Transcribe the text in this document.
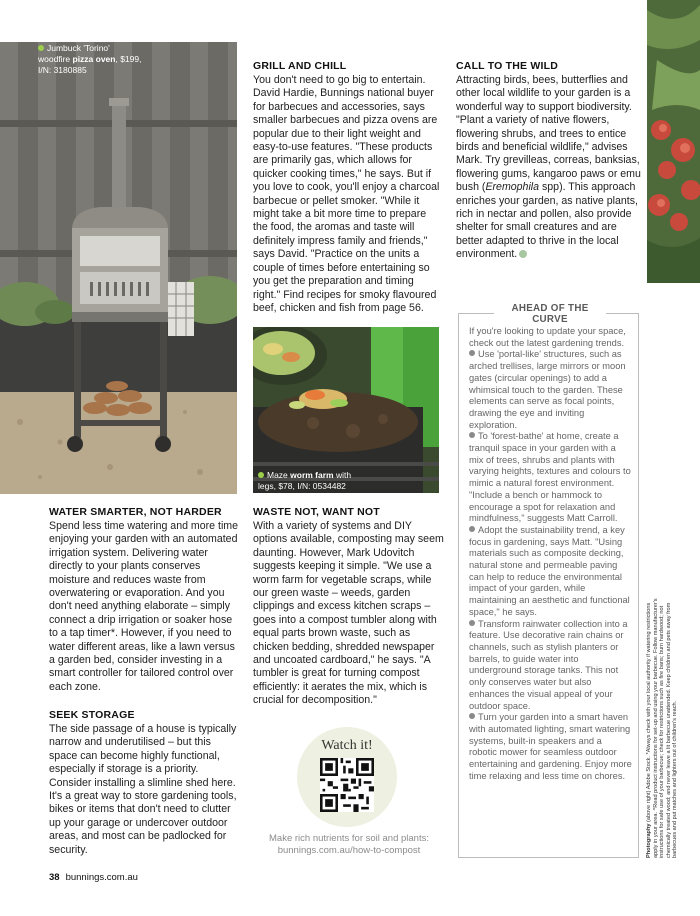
Jumbuck 'Torino' woodfire pizza oven, $199, I/N: 3180885
Maze worm farm with legs, $78, I/N: 0534482
GRILL AND CHILL
You don't need to go big to entertain. David Hardie, Bunnings national buyer for barbecues and accessories, says smaller barbecues and pizza ovens are popular due to their light weight and easy-to-use features. "These products are primarily gas, which allows for quicker cooking times," he says. But if you love to cook, you'll enjoy a charcoal barbecue or pellet smoker. "While it might take a bit more time to prepare the food, the aromas and taste will definitely impress family and friends," says David. "Practice on the units a couple of times before entertaining so you get the preparation and timing right." Find recipes for smoky flavoured beef, chicken and fish from page 56.
CALL TO THE WILD
Attracting birds, bees, butterflies and other local wildlife to your garden is a wonderful way to support biodiversity. "Plant a variety of native flowers, flowering shrubs, and trees to entice birds and beneficial wildlife," advises Mark. Try grevilleas, correas, banksias, flowering gums, kangaroo paws or emu bush (Eremophila spp). This approach enriches your garden, as native plants, rich in nectar and pollen, also provide shelter for small creatures and are better adapted to thrive in the local environment.
WATER SMARTER, NOT HARDER
Spend less time watering and more time enjoying your garden with an automated irrigation system. Delivering water directly to your plants conserves moisture and reduces waste from overwatering or evaporation. And you don't need anything elaborate – simply connect a drip irrigation or soaker hose to a tap timer*. However, if you need to water different areas, like a lawn versus a garden bed, consider investing in a smart controller for tailored control over each zone.
SEEK STORAGE
The side passage of a house is typically narrow and underutilised – but this space can become highly functional, especially if storage is a priority. Consider installing a slimline shed here. It's a great way to store gardening tools, bikes or items that don't need to clutter up your garage or undercover outdoor areas, and most can be padlocked for security.
WASTE NOT, WANT NOT
With a variety of systems and DIY options available, composting may seem daunting. However, Mark Udovitch suggests keeping it simple. "We use a worm farm for vegetable scraps, while our green waste – weeds, garden clippings and excess kitchen scraps – goes into a compost tumbler along with equal parts brown waste, such as chicken bedding, shredded newspaper and uncoated cardboard," he says. "A tumbler is great for turning compost efficiently: it aerates the mix, which is crucial for decomposition."
Watch it!
Make rich nutrients for soil and plants: bunnings.com.au/how-to-compost
AHEAD OF THE CURVE

If you're looking to update your space, check out the latest gardening trends.

Use 'portal-like' structures, such as arched trellises, large mirrors or moon gates (circular openings) to add a whimsical touch to the garden. These elements can serve as focal points, drawing the eye and inviting exploration.

To 'forest-bathe' at home, create a tranquil space in your garden with a mix of trees, shrubs and plants with varying heights, textures and colours to mimic a natural forest environment. "Include a bench or hammock to encourage a spot for relaxation and mindfulness," suggests Matt Carroll.

Adopt the sustainability trend, a key focus in gardening, says Matt. "Using materials such as composite decking, natural stone and permeable paving can help to reduce the environmental impact of your garden, while maintaining an aesthetic and functional space," he says.

Transform rainwater collection into a feature. Use decorative rain chains or channels, such as stylish planters or barrels, to guide water into underground storage tanks. This not only conserves water but also enhances the visual appeal of your outdoor space.

Turn your garden into a smart haven with automated lighting, smart watering systems, built-in speakers and a robotic mower for seamless outdoor entertaining and gardening. Enjoy more time relaxing and less time on chores.

38 bunnings.com.au
Photography (above right) Adobe Stock. *Always check with your local authority if watering restrictions apply in your area. ^Read product instructions for set-up and using your barbecue. Follow manufacturer's instructions for safe use of your barbecue; check for restrictions such as fire bans; burn hardwood; not chemically treated wood; and never leave a lit barbecue unattended. Keep children and pets away from barbecues and put matches and lighters out of children's reach.
